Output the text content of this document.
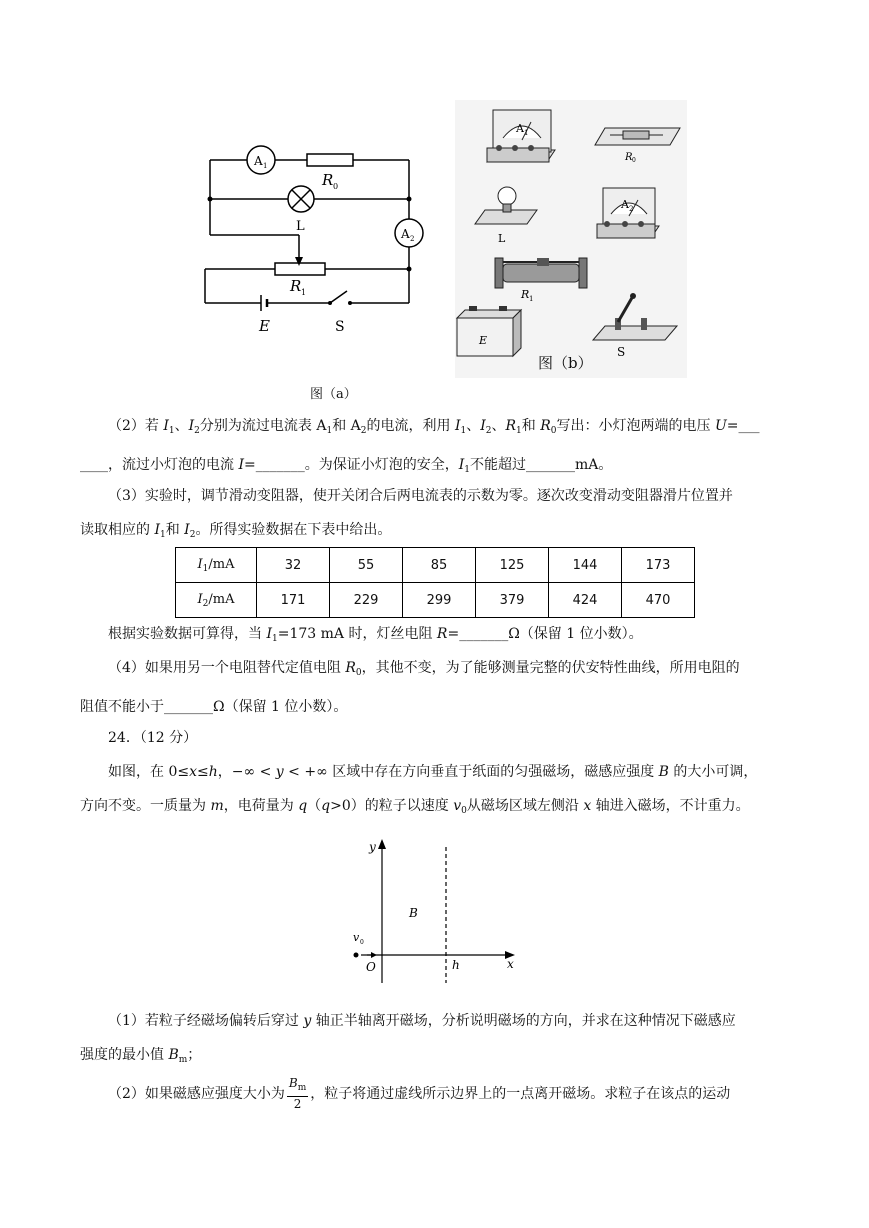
A 1
R 0
L	A 2
R 1
E	S
图（a）
A 1
R 0
L
A 2
R 1
E
S
图（b）
（2）若 $I_1$、$I_2$分别为流过电流表 $A_1$和 $A_2$的电流，利用 $I_1$、$I_2$、$R_1$和 $R_0$写出：小灯泡两端的电压 U=___
____，流过小灯泡的电流 I=_______。为保证小灯泡的安全，$I_1$不能超过_______mA。
（3）实验时，调节滑动变阻器，使开关闭合后两电流表的示数为零。逐次改变滑动变阻器滑片位置并
读取相应的 $I_1$和 $I_2$。所得实验数据在下表中给出。
$I_1/mA$	32	55	85	125	144	173
$I_2/mA$	171	229	299	379	424	470
根据实验数据可算得，当 $I_1=173$ mA 时，灯丝电阻 R=_______Ω（保留 1 位小数）。
（4）如果用另一个电阻替代定值电阻 $R_0$，其他不变，为了能够测量完整的伏安特性曲线，所用电阻的
阻值不能小于_______Ω（保留 1 位小数）。
24．（12 分）
如图，在 0≤x≤h，−∞ < y < +∞ 区域中存在方向垂直于纸面的匀强磁场，磁感应强度 B 的大小可调，
方向不变。一质量为 m，电荷量为 q（q>0）的粒子以速度 $v_0$从磁场区域左侧沿 x 轴进入磁场，不计重力。
y
x
B
v 0
O	h
（1）若粒子经磁场偏转后穿过 y 轴正半轴离开磁场，分析说明磁场的方向，并求在这种情况下磁感应
强度的最小值 $B_m$；
（2）如果磁感应强度大小为 $\frac{B_m}{2}$ ，粒子将通过虚线所示边界上的一点离开磁场。求粒子在该点的运动
